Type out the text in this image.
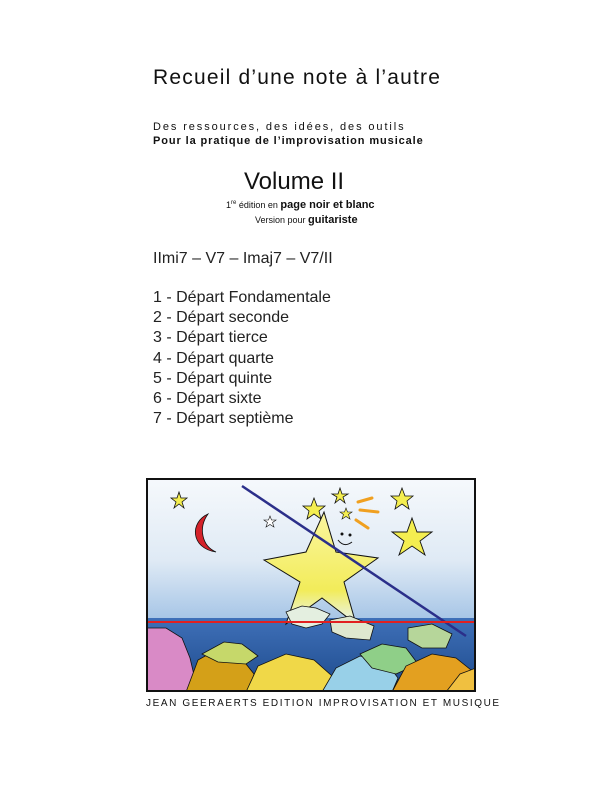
Recueil d’une note à l’autre
Des ressources, des idées, des outils
Pour la pratique de l’improvisation musicale
Volume II
1re édition en page noir et blanc
Version pour guitariste
IImi7 – V7 – Imaj7 – V7/II
1 - Départ Fondamentale
2 - Départ seconde
3 - Départ tierce
4 - Départ quarte
5 - Départ quinte
6 - Départ sixte
7 - Départ septième
JEAN GEERAERTS EDITION IMPROVISATION ET MUSIQUE
